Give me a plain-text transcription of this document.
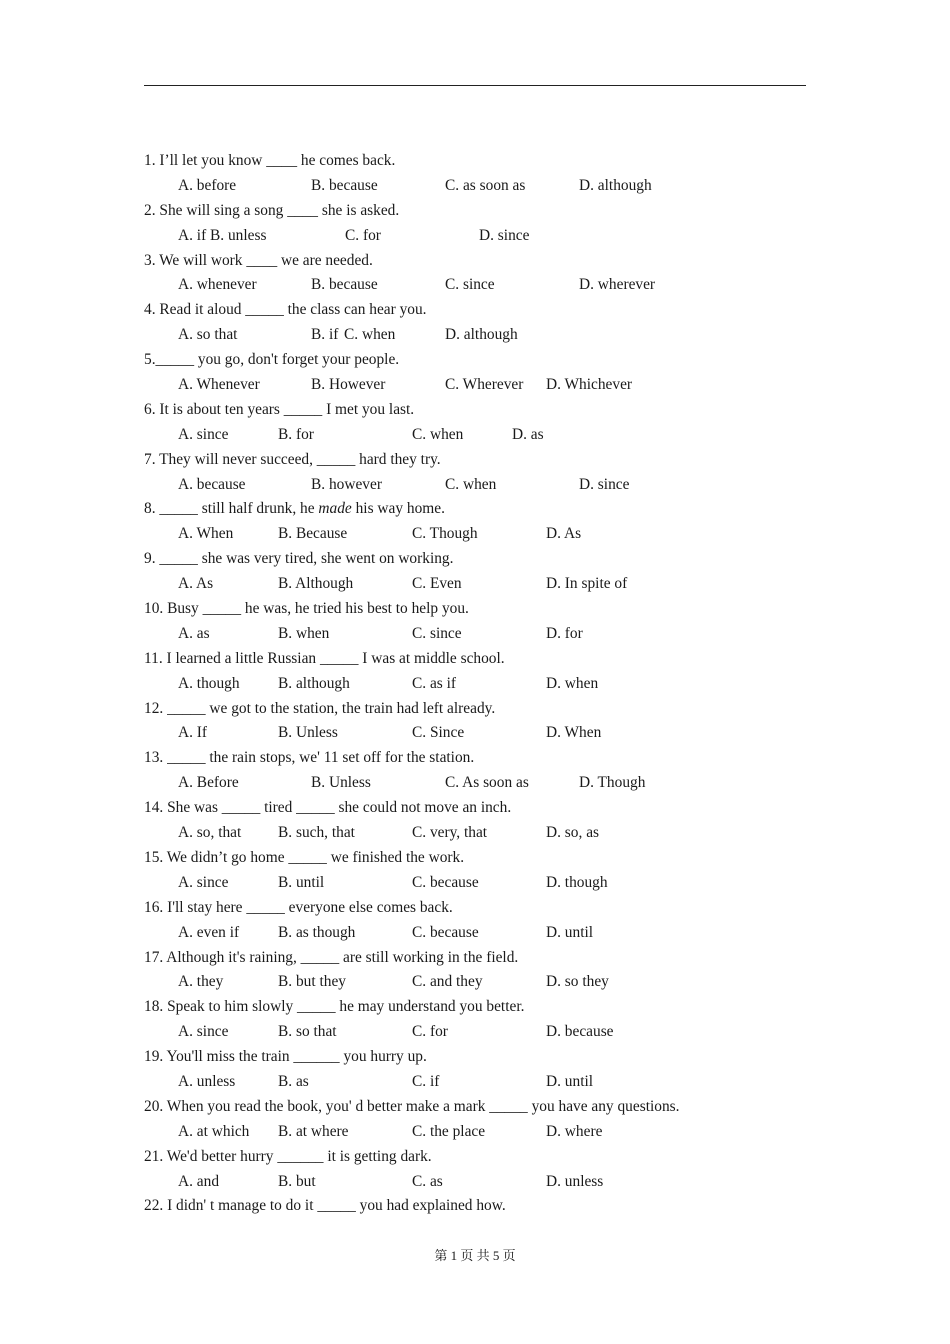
1. I’ll let you know ____ he comes back.
A. before	B. because	C. as soon as	D. although
2. She will sing a song ____ she is asked.
A. if B. unless	C. for	D. since
3. We will work ____ we are needed.
A. whenever	B. because	C. since	D. wherever
4. Read it aloud _____ the class can hear you.
A. so that	B. if C. when	D. although
5._____ you go, don't forget your people.
A. Whenever	B. However	C. Wherever D. Whichever
6. It is about ten years _____ I met you last.
A. since	B. for	C. when	D. as
7. They will never succeed, _____ hard they try.
A. because	B. however	C. when	D. since
8. _____ still half drunk, he made his way home.
A. When	B. Because	C. Though	D. As
9. _____ she was very tired, she went on working.
A. As	B. Although	C. Even	D. In spite of
10. Busy _____ he was, he tried his best to help you.
A. as	B. when	C. since	D. for
11. I learned a little Russian _____ I was at middle school.
A. though B. although	C. as if	D. when
12. _____ we got to the station, the train had left already.
A. If	B. Unless	C. Since	D. When
13. _____ the rain stops, we' 11 set off for the station.
A. Before	B. Unless	C. As soon as	D. Though
14. She was _____ tired _____ she could not move an inch.
A. so, that B. such, that	C. very, that	D. so, as
15. We didn’t go home _____ we finished the work.
A. since	B. until	C. because	D. though
16. I'll stay here _____ everyone else comes back.
A. even if	B. as though	C. because	D. until
17. Although it's raining, _____ are still working in the field.
A. they	B. but they	C. and they	D. so they
18. Speak to him slowly _____ he may understand you better.
A. since	B. so that	C. for	D. because
19. You'll miss the train ______ you hurry up.
A. unless	B. as	C. if	D. until
20. When you read the book, you' d better make a mark _____ you have any questions.
A. at which B. at where	C. the place	D. where
21. We'd better hurry ______ it is getting dark.
A. and	B. but	C. as	D. unless
22. I didn' t manage to do it _____ you had explained how.
第 1 页 共 5 页
